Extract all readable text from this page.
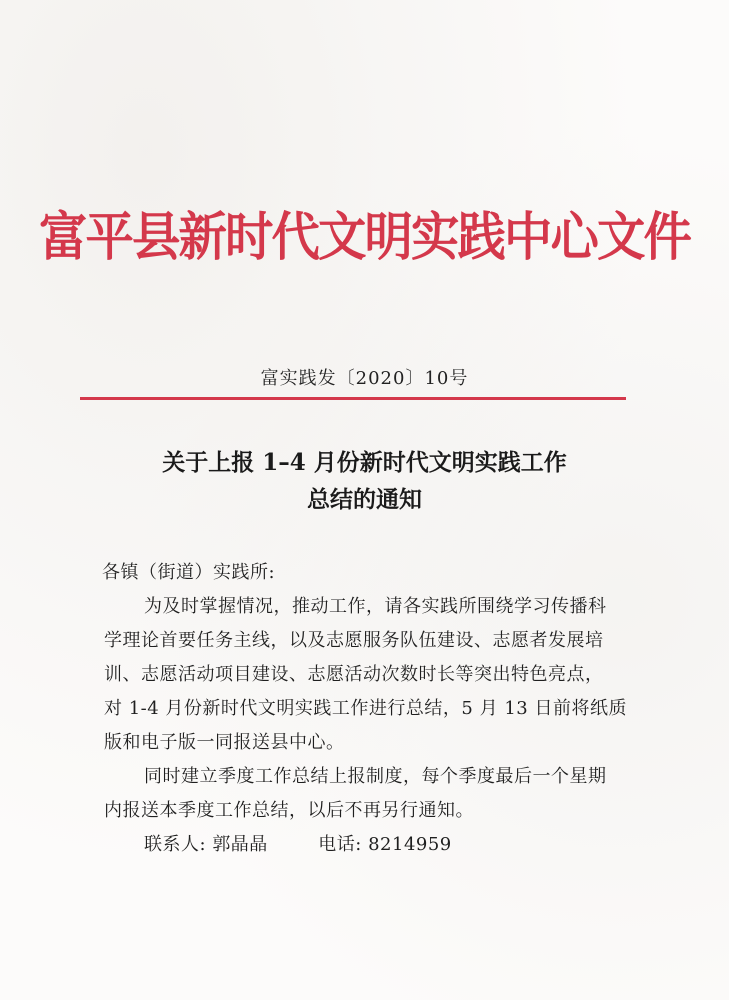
富平县新时代文明实践中心文件
富实践发〔2020〕10号
关于上报 1–4 月份新时代文明实践工作
总结的通知
各镇（街道）实践所:
为及时掌握情况，推动工作，请各实践所围绕学习传播科
学理论首要任务主线，以及志愿服务队伍建设、志愿者发展培
训、志愿活动项目建设、志愿活动次数时长等突出特色亮点，
对 1-4 月份新时代文明实践工作进行总结，5 月 13 日前将纸质
版和电子版一同报送县中心。
同时建立季度工作总结上报制度，每个季度最后一个星期
内报送本季度工作总结，以后不再另行通知。
联系人: 郭晶晶	电话: 8214959
